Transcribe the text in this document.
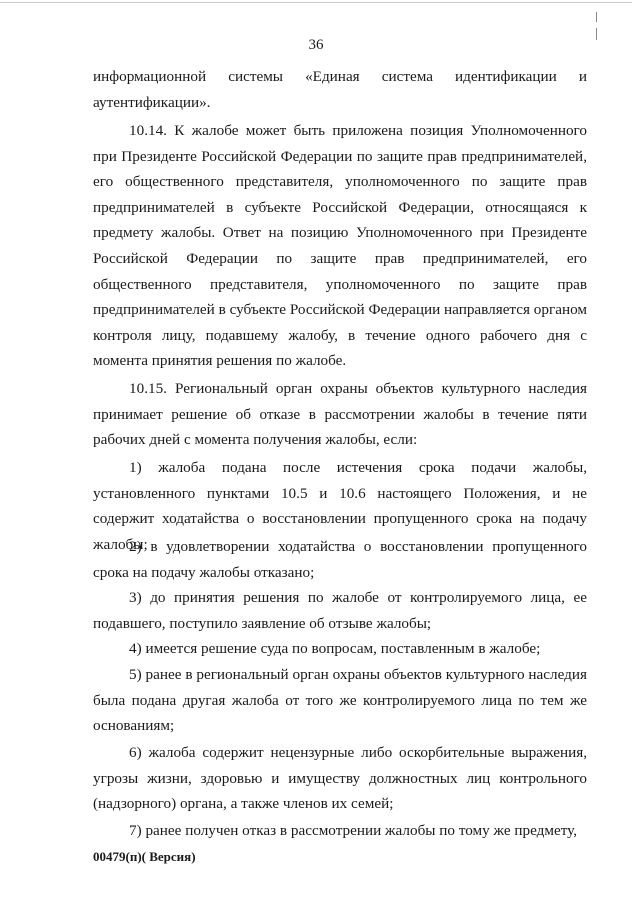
36
информационной системы «Единая система идентификации и аутентификации».
10.14. К жалобе может быть приложена позиция Уполномоченного при Президенте Российской Федерации по защите прав предпринимателей, его общественного представителя, уполномоченного по защите прав предпринимателей в субъекте Российской Федерации, относящаяся к предмету жалобы. Ответ на позицию Уполномоченного при Президенте Российской Федерации по защите прав предпринимателей, его общественного представителя, уполномоченного по защите прав предпринимателей в субъекте Российской Федерации направляется органом контроля лицу, подавшему жалобу, в течение одного рабочего дня с момента принятия решения по жалобе.
10.15. Региональный орган охраны объектов культурного наследия принимает решение об отказе в рассмотрении жалобы в течение пяти рабочих дней с момента получения жалобы, если:
1) жалоба подана после истечения срока подачи жалобы, установленного пунктами 10.5 и 10.6 настоящего Положения, и не содержит ходатайства о восстановлении пропущенного срока на подачу жалобы;
2) в удовлетворении ходатайства о восстановлении пропущенного срока на подачу жалобы отказано;
3) до принятия решения по жалобе от контролируемого лица, ее подавшего, поступило заявление об отзыве жалобы;
4) имеется решение суда по вопросам, поставленным в жалобе;
5) ранее в региональный орган охраны объектов культурного наследия была подана другая жалоба от того же контролируемого лица по тем же основаниям;
6) жалоба содержит нецензурные либо оскорбительные выражения, угрозы жизни, здоровью и имуществу должностных лиц контрольного (надзорного) органа, а также членов их семей;
7) ранее получен отказ в рассмотрении жалобы по тому же предмету,
00479(п)( Версия)
